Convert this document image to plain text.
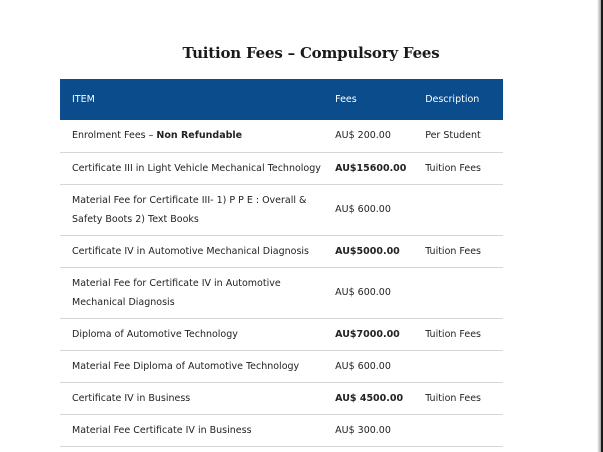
Tuition Fees – Compulsory Fees
ITEM	Fees	Description
Enrolment Fees – Non Refundable	AU$ 200.00	Per Student
Certificate III in Light Vehicle Mechanical Technology	AU$15600.00	Tuition Fees
Material Fee for Certificate III- 1) P P E : Overall & Safety Boots 2) Text Books	AU$ 600.00	
Certificate IV in Automotive Mechanical Diagnosis	AU$5000.00	Tuition Fees
Material Fee for Certificate IV in Automotive Mechanical Diagnosis	AU$ 600.00	
Diploma of Automotive Technology	AU$7000.00	Tuition Fees
Material Fee Diploma of Automotive Technology	AU$ 600.00	
Certificate IV in Business	AU$ 4500.00	Tuition Fees
Material Fee Certificate IV in Business	AU$ 300.00	
